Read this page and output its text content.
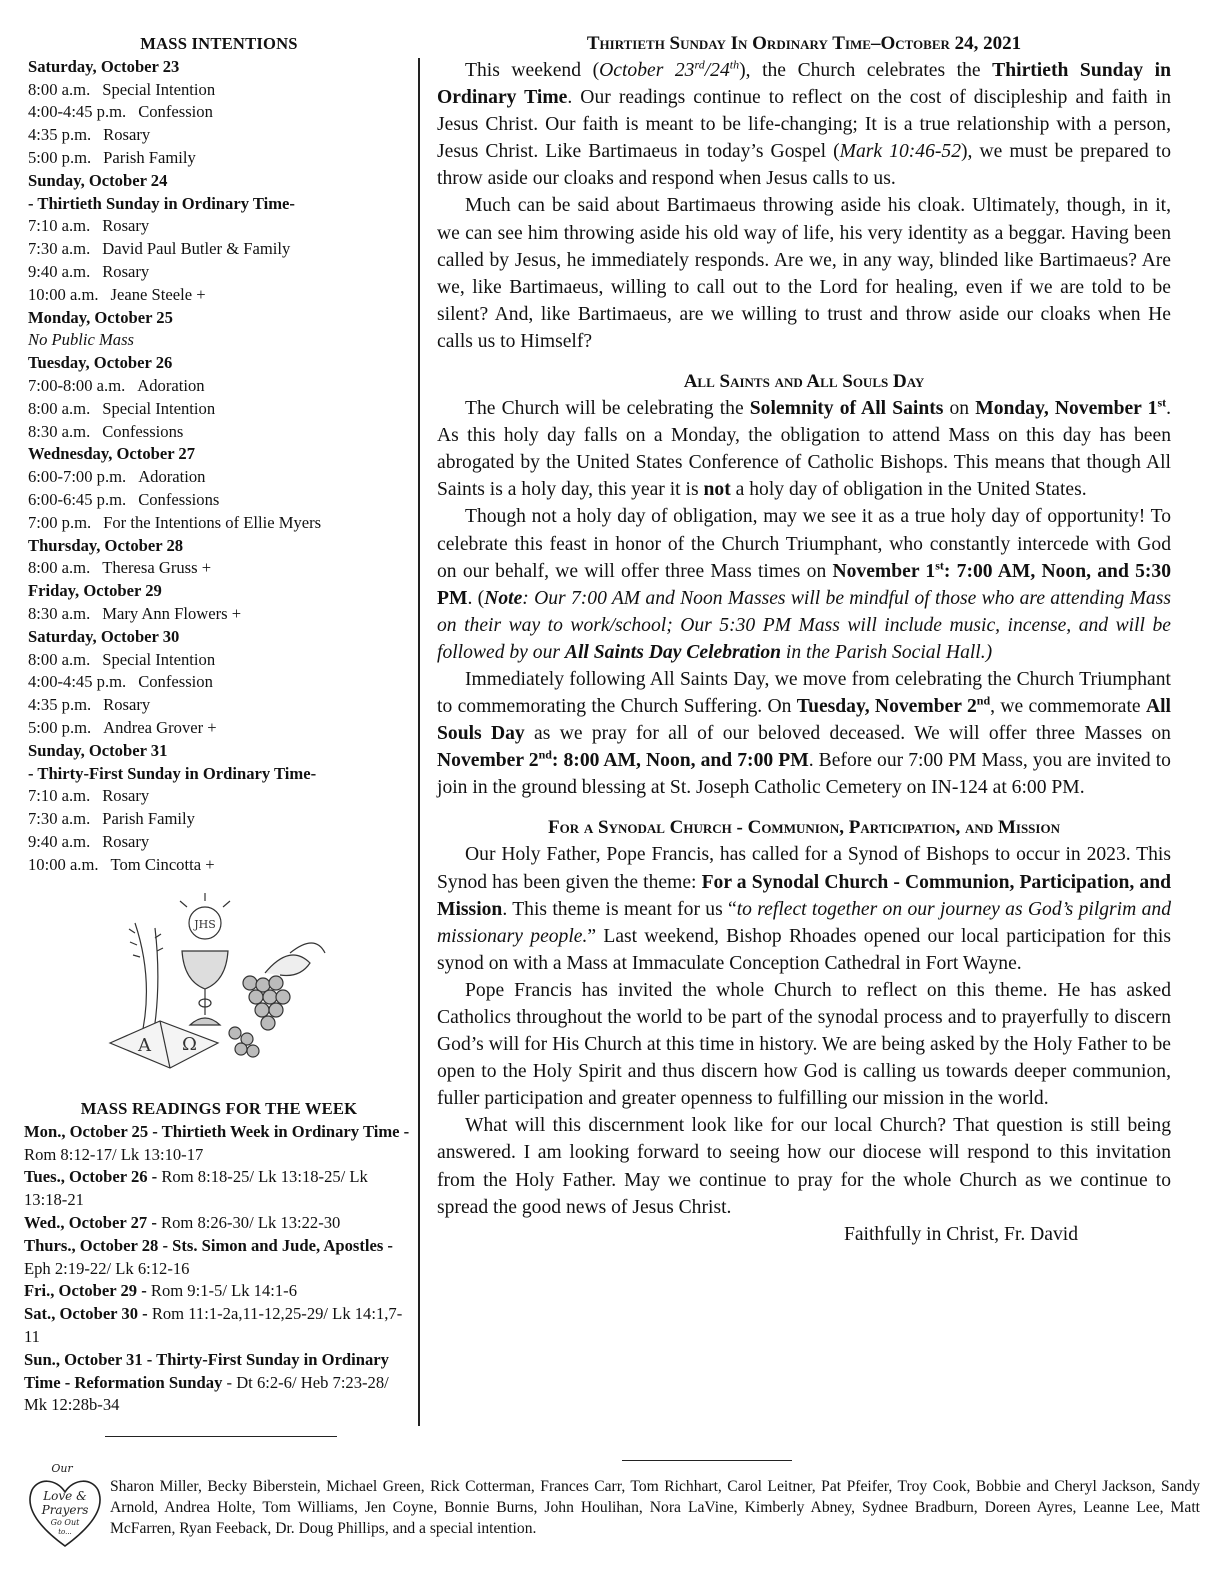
MASS INTENTIONS
Saturday, October 23
8:00 a.m. Special Intention
4:00-4:45 p.m. Confession
4:35 p.m. Rosary
5:00 p.m. Parish Family
Sunday, October 24
- Thirtieth Sunday in Ordinary Time-
7:10 a.m. Rosary
7:30 a.m. David Paul Butler & Family
9:40 a.m. Rosary
10:00 a.m. Jeane Steele +
Monday, October 25
No Public Mass
Tuesday, October 26
7:00-8:00 a.m. Adoration
8:00 a.m. Special Intention
8:30 a.m. Confessions
Wednesday, October 27
6:00-7:00 p.m. Adoration
6:00-6:45 p.m. Confessions
7:00 p.m. For the Intentions of Ellie Myers
Thursday, October 28
8:00 a.m. Theresa Gruss +
Friday, October 29
8:30 a.m. Mary Ann Flowers +
Saturday, October 30
8:00 a.m. Special Intention
4:00-4:45 p.m. Confession
4:35 p.m. Rosary
5:00 p.m. Andrea Grover +
Sunday, October 31
- Thirty-First Sunday in Ordinary Time-
7:10 a.m. Rosary
7:30 a.m. Parish Family
9:40 a.m. Rosary
10:00 a.m. Tom Cincotta +
JHS
A Ω
MASS READINGS FOR THE WEEK
Mon., October 25 - Thirtieth Week in Ordinary Time - Rom 8:12-17/ Lk 13:10-17
Tues., October 26 - Rom 8:18-25/ Lk 13:18-25/ Lk 13:18-21
Wed., October 27 - Rom 8:26-30/ Lk 13:22-30
Thurs., October 28 - Sts. Simon and Jude, Apostles - Eph 2:19-22/ Lk 6:12-16
Fri., October 29 - Rom 9:1-5/ Lk 14:1-6
Sat., October 30 - Rom 11:1-2a,11-12,25-29/ Lk 14:1,7-11
Sun., October 31 - Thirty-First Sunday in Ordinary Time - Reformation Sunday - Dt 6:2-6/ Heb 7:23-28/ Mk 12:28b-34
Thirtieth Sunday In Ordinary Time–October 24, 2021

This weekend (October 23rd/24th), the Church celebrates the Thirtieth Sunday in Ordinary Time. Our readings continue to reflect on the cost of discipleship and faith in Jesus Christ. Our faith is meant to be life-changing; It is a true relationship with a person, Jesus Christ. Like Bartimaeus in today’s Gospel (Mark 10:46-52), we must be prepared to throw aside our cloaks and respond when Jesus calls to us.

Much can be said about Bartimaeus throwing aside his cloak. Ultimately, though, in it, we can see him throwing aside his old way of life, his very identity as a beggar. Having been called by Jesus, he immediately responds. Are we, in any way, blinded like Bartimaeus? Are we, like Bartimaeus, willing to call out to the Lord for healing, even if we are told to be silent? And, like Bartimaeus, are we willing to trust and throw aside our cloaks when He calls us to Himself?

All Saints and All Souls Day

The Church will be celebrating the Solemnity of All Saints on Monday, November 1st. As this holy day falls on a Monday, the obligation to attend Mass on this day has been abrogated by the United States Conference of Catholic Bishops. This means that though All Saints is a holy day, this year it is not a holy day of obligation in the United States.

Though not a holy day of obligation, may we see it as a true holy day of opportunity! To celebrate this feast in honor of the Church Triumphant, who constantly intercede with God on our behalf, we will offer three Mass times on November 1st: 7:00 AM, Noon, and 5:30 PM. (Note: Our 7:00 AM and Noon Masses will be mindful of those who are attending Mass on their way to work/school; Our 5:30 PM Mass will include music, incense, and will be followed by our All Saints Day Celebration in the Parish Social Hall.)

Immediately following All Saints Day, we move from celebrating the Church Triumphant to commemorating the Church Suffering. On Tuesday, November 2nd, we commemorate All Souls Day as we pray for all of our beloved deceased. We will offer three Masses on November 2nd: 8:00 AM, Noon, and 7:00 PM. Before our 7:00 PM Mass, you are invited to join in the ground blessing at St. Joseph Catholic Cemetery on IN-124 at 6:00 PM.

For a Synodal Church - Communion, Participation, and Mission

Our Holy Father, Pope Francis, has called for a Synod of Bishops to occur in 2023. This Synod has been given the theme: For a Synodal Church - Communion, Participation, and Mission. This theme is meant for us “to reflect together on our journey as God’s pilgrim and missionary people.” Last weekend, Bishop Rhoades opened our local participation for this synod on with a Mass at Immaculate Conception Cathedral in Fort Wayne.

Pope Francis has invited the whole Church to reflect on this theme. He has asked Catholics throughout the world to be part of the synodal process and to prayerfully to discern God’s will for His Church at this time in history. We are being asked by the Holy Father to be open to the Holy Spirit and thus discern how God is calling us towards deeper communion, fuller participation and greater openness to fulfilling our mission in the world.

What will this discernment look like for our local Church? That question is still being answered. I am looking forward to seeing how our diocese will respond to this invitation from the Holy Father. May we continue to pray for the whole Church as we continue to spread the good news of Jesus Christ.

Faithfully in Christ, Fr. David
Our
Love &
Prayers
Go Out
to...
Sharon Miller, Becky Biberstein, Michael Green, Rick Cotterman, Frances Carr, Tom Richhart, Carol Leitner, Pat Pfeifer, Troy Cook, Bobbie and Cheryl Jackson, Sandy Arnold, Andrea Holte, Tom Williams, Jen Coyne, Bonnie Burns, John Houlihan, Nora LaVine, Kimberly Abney, Sydnee Bradburn, Doreen Ayres, Leanne Lee, Matt McFarren, Ryan Feeback, Dr. Doug Phillips, and a special intention.
